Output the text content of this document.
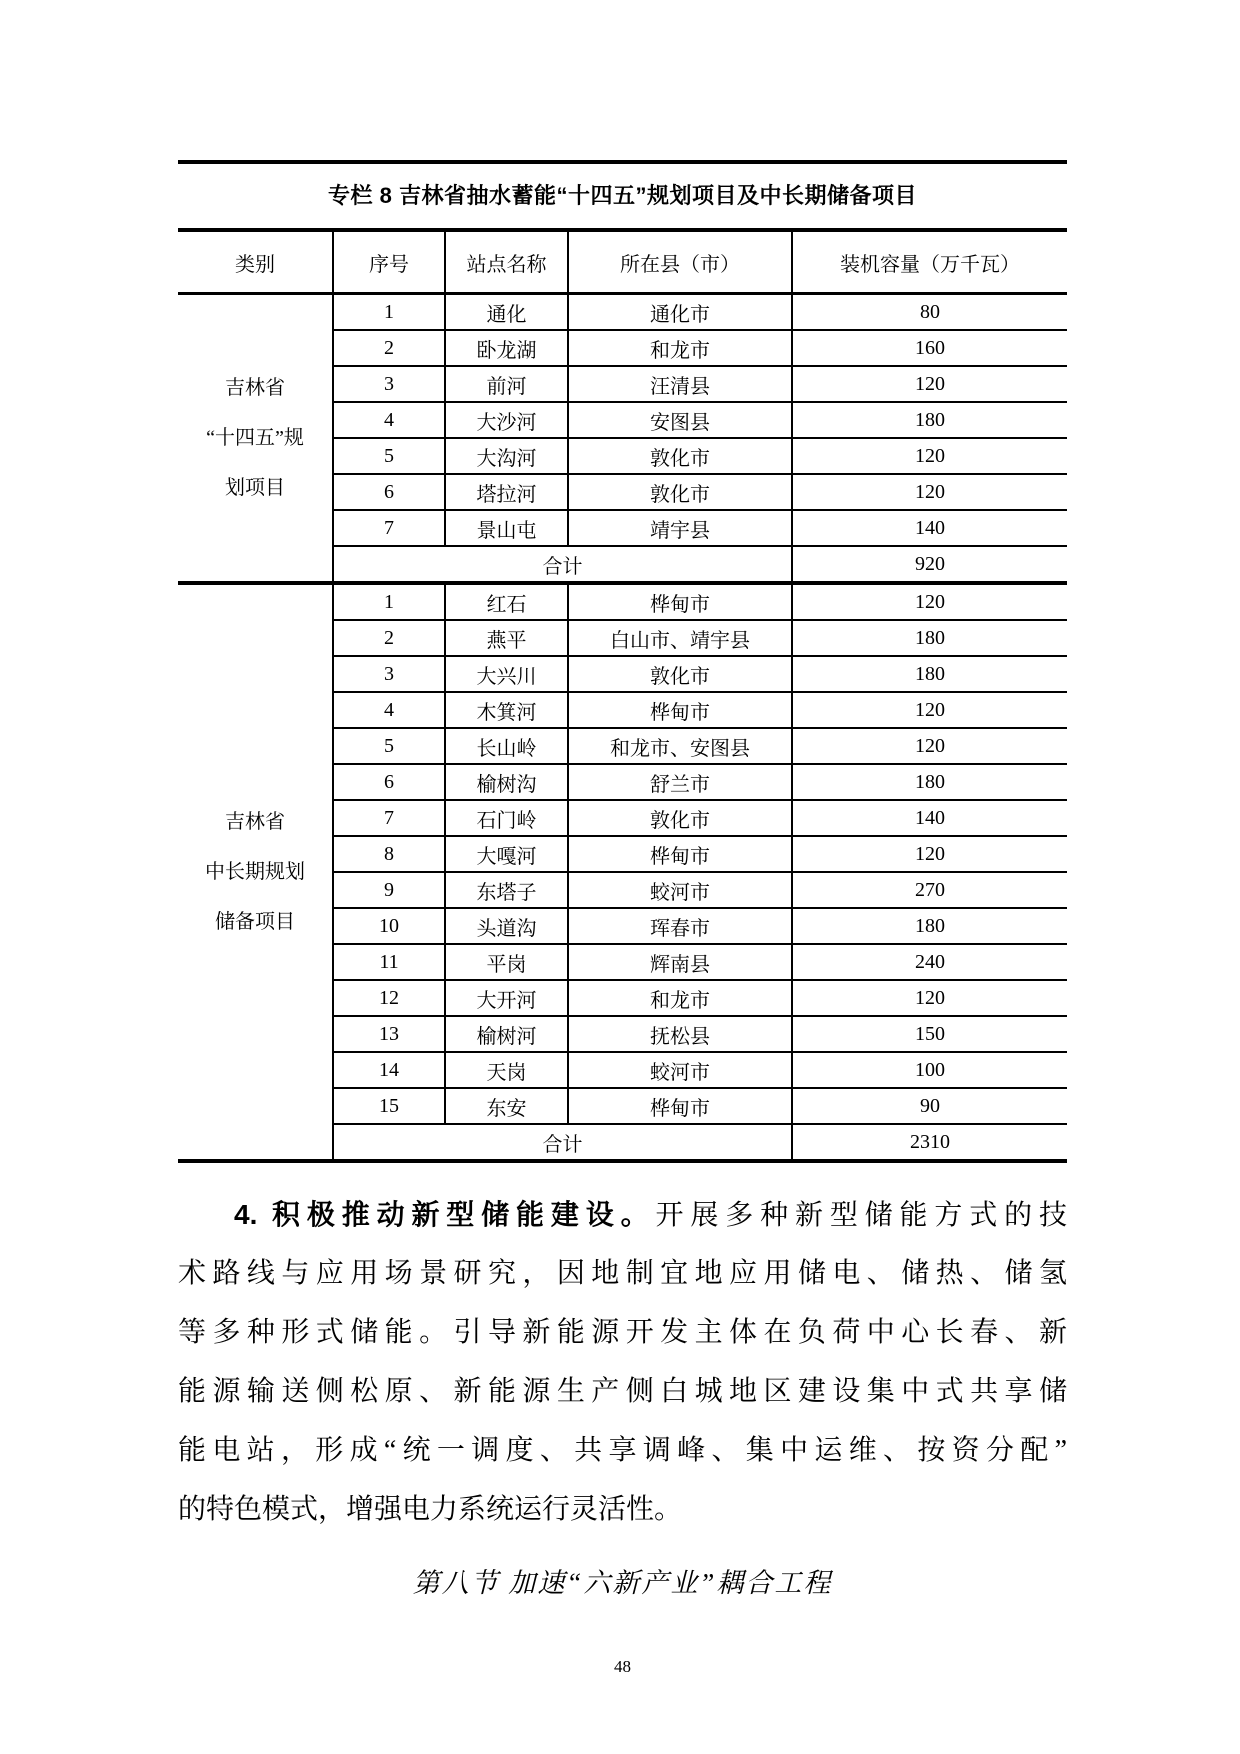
专栏 8 吉林省抽水蓄能“十四五”规划项目及中长期储备项目
类别	序号	站点名称	所在县（市）	装机容量（万千瓦）

吉林省
“十四五”规
划项目	1	通化	通化市	80
	2	卧龙湖	和龙市	160
	3	前河	汪清县	120
	4	大沙河	安图县	180
	5	大沟河	敦化市	120
	6	塔拉河	敦化市	120
	7	景山屯	靖宇县	140
	合计			920

吉林省
中长期规划
储备项目	1	红石	桦甸市	120
	2	燕平	白山市、靖宇县	180
	3	大兴川	敦化市	180
	4	木箕河	桦甸市	120
	5	长山岭	和龙市、安图县	120
	6	榆树沟	舒兰市	180
	7	石门岭	敦化市	140
	8	大嘎河	桦甸市	120
	9	东塔子	蛟河市	270
	10	头道沟	珲春市	180
	11	平岗	辉南县	240
	12	大开河	和龙市	120
	13	榆树河	抚松县	150
	14	天岗	蛟河市	100
	15	东安	桦甸市	90
	合计			2310
4. 积极推动新型储能建设。开展多种新型储能方式的技
术路线与应用场景研究，因地制宜地应用储电、储热、储氢
等多种形式储能。引导新能源开发主体在负荷中心长春、新
能源输送侧松原、新能源生产侧白城地区建设集中式共享储
能电站，形成“统一调度、共享调峰、集中运维、按资分配”
的特色模式，增强电力系统运行灵活性。
第八节 加速“六新产业”耦合工程
48
